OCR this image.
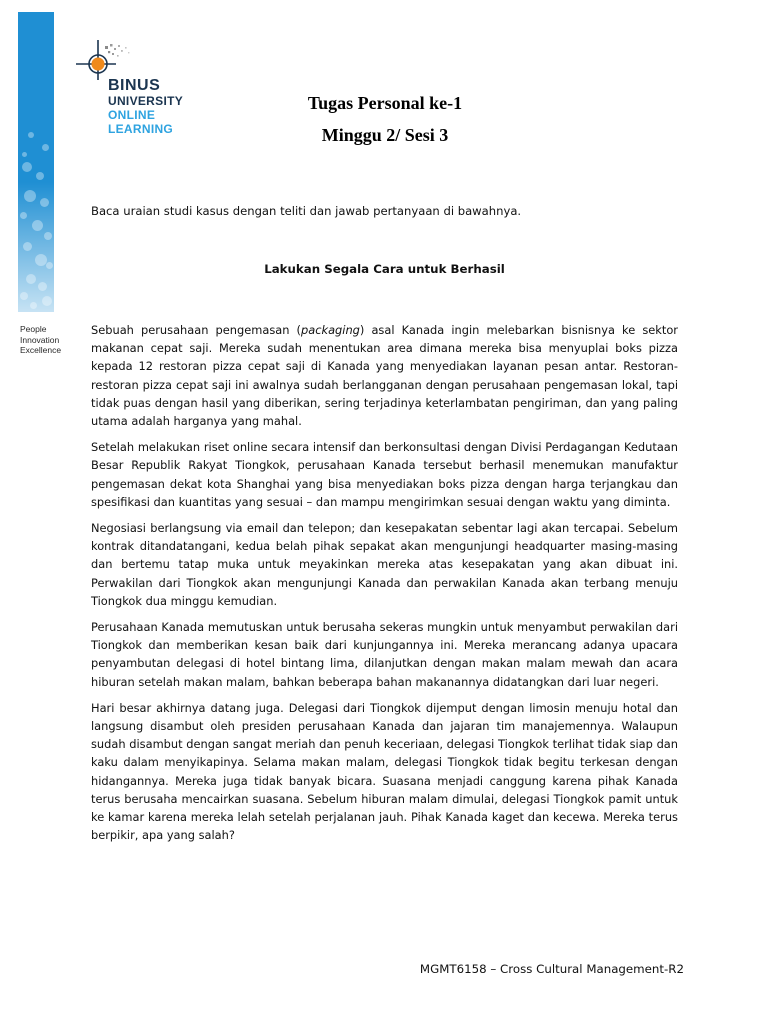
People
Innovation
Excellence
BINUS
UNIVERSITY
ONLINE
LEARNING
Tugas Personal ke-1
Minggu 2/ Sesi 3
Baca uraian studi kasus dengan teliti dan jawab pertanyaan di bawahnya.
Lakukan Segala Cara untuk Berhasil

Sebuah perusahaan pengemasan (packaging) asal Kanada ingin melebarkan bisnisnya ke sektor makanan cepat saji. Mereka sudah menentukan area dimana mereka bisa menyuplai boks pizza kepada 12 restoran pizza cepat saji di Kanada yang menyediakan layanan pesan antar. Restoran-restoran pizza cepat saji ini awalnya sudah berlangganan dengan perusahaan pengemasan lokal, tapi tidak puas dengan hasil yang diberikan, sering terjadinya keterlambatan pengiriman, dan yang paling utama adalah harganya yang mahal.

Setelah melakukan riset online secara intensif dan berkonsultasi dengan Divisi Perdagangan Kedutaan Besar Republik Rakyat Tiongkok, perusahaan Kanada tersebut berhasil menemukan manufaktur pengemasan dekat kota Shanghai yang bisa menyediakan boks pizza dengan harga terjangkau dan spesifikasi dan kuantitas yang sesuai – dan mampu mengirimkan sesuai dengan waktu yang diminta.

Negosiasi berlangsung via email dan telepon; dan kesepakatan sebentar lagi akan tercapai. Sebelum kontrak ditandatangani, kedua belah pihak sepakat akan mengunjungi headquarter masing-masing dan bertemu tatap muka untuk meyakinkan mereka atas kesepakatan yang akan dibuat ini. Perwakilan dari Tiongkok akan mengunjungi Kanada dan perwakilan Kanada akan terbang menuju Tiongkok dua minggu kemudian.

Perusahaan Kanada memutuskan untuk berusaha sekeras mungkin untuk menyambut perwakilan dari Tiongkok dan memberikan kesan baik dari kunjungannya ini. Mereka merancang adanya upacara penyambutan delegasi di hotel bintang lima, dilanjutkan dengan makan malam mewah dan acara hiburan setelah makan malam, bahkan beberapa bahan makanannya didatangkan dari luar negeri.

Hari besar akhirnya datang juga. Delegasi dari Tiongkok dijemput dengan limosin menuju hotal dan langsung disambut oleh presiden perusahaan Kanada dan jajaran tim manajemennya. Walaupun sudah disambut dengan sangat meriah dan penuh keceriaan, delegasi Tiongkok terlihat tidak siap dan kaku dalam menyikapinya. Selama makan malam, delegasi Tiongkok tidak begitu terkesan dengan hidangannya. Mereka juga tidak banyak bicara. Suasana menjadi canggung karena pihak Kanada terus berusaha mencairkan suasana. Sebelum hiburan malam dimulai, delegasi Tiongkok pamit untuk ke kamar karena mereka lelah setelah perjalanan jauh. Pihak Kanada kaget dan kecewa. Mereka terus berpikir, apa yang salah?

MGMT6158 – Cross Cultural Management-R2
